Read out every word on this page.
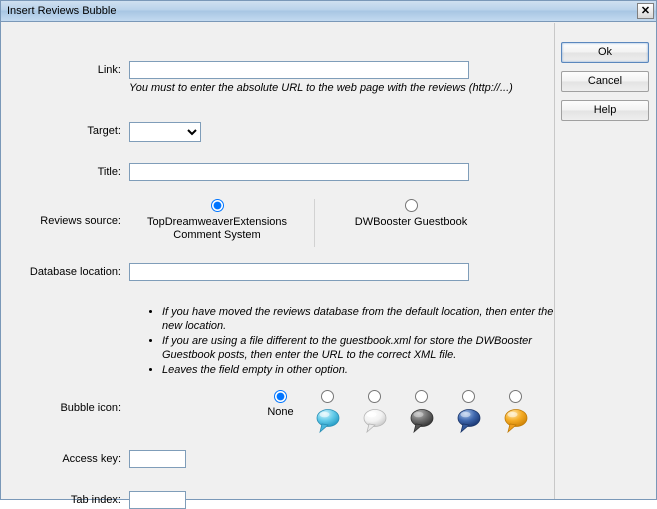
Insert Reviews Bubble	✕
Link:
You must to enter the absolute URL to the web page with the reviews (http://...)
Target:
Title:
Reviews source:	TopDreamweaverExtensions Comment System
DWBooster Guestbook
Database location:
• If you have moved the reviews database from the default location, then enter the new location.
• If you are using a file different to the guestbook.xml for store the DWBooster Guestbook posts, then enter the URL to the correct XML file.
• Leaves the field empty in other option.
Bubble icon:	None
Access key:
Tab index:
Ok
Cancel
Help
